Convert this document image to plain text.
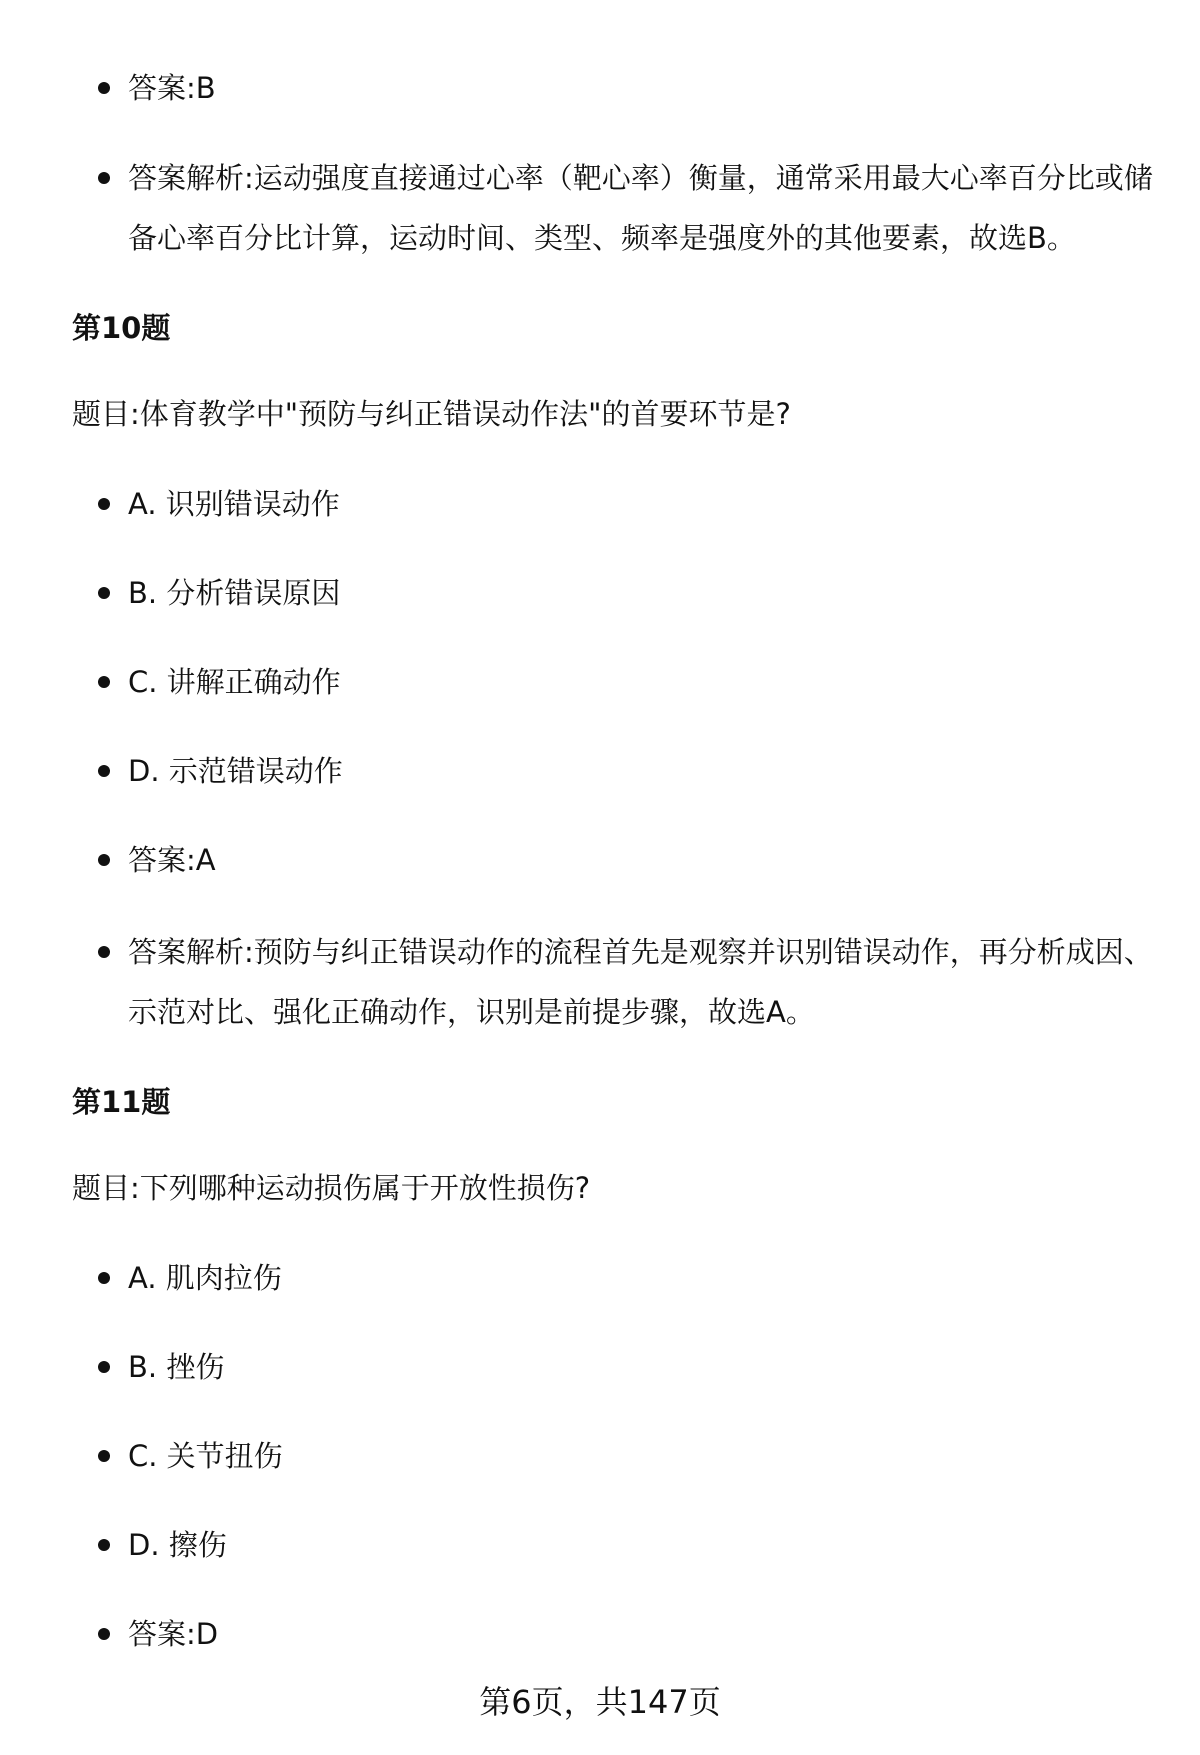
答案:B
答案解析:运动强度直接通过心率（靶心率）衡量，通常采用最大心率百分比或储备心率百分比计算，运动时间、类型、频率是强度外的其他要素，故选B。
第10题
题目:体育教学中"预防与纠正错误动作法"的首要环节是?
A. 识别错误动作
B. 分析错误原因
C. 讲解正确动作
D. 示范错误动作
答案:A
答案解析:预防与纠正错误动作的流程首先是观察并识别错误动作，再分析成因、示范对比、强化正确动作，识别是前提步骤，故选A。
第11题
题目:下列哪种运动损伤属于开放性损伤?
A. 肌肉拉伤
B. 挫伤
C. 关节扭伤
D. 擦伤
答案:D
第6页，共147页
